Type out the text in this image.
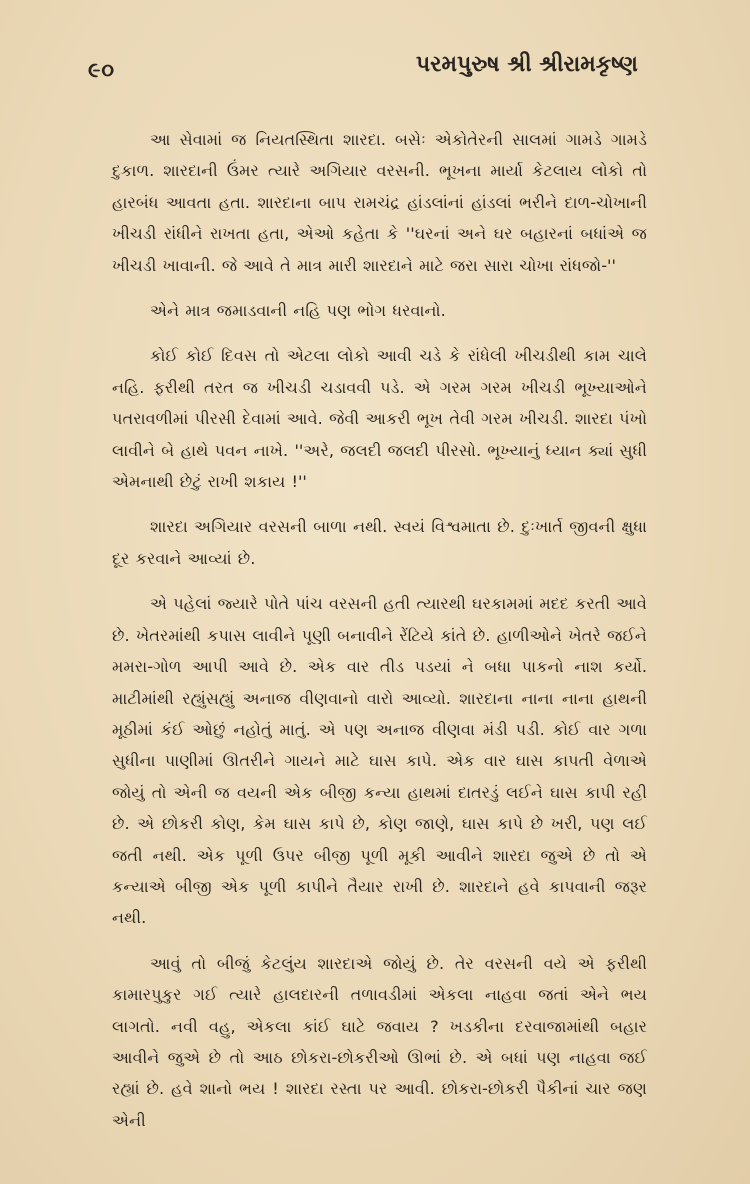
૯૦	પરમપુરુષ શ્રી શ્રીરામકૃષ્ણ

આ સેવામાં જ નિયતસ્થિતા શારદા. બસેઃ એકોતેરની સાલમાં ગામડે ગામડે દુકાળ. શારદાની ઉંમર ત્યારે અગિયાર વરસની. ભૂખના માર્યા કેટલાય લોકો તો હારબંધ આવતા હતા. શારદાના બાપ રામચંદ્ર હાંડલાંનાં હાંડલાં ભરીને દાળ-ચોખાની ખીચડી રાંધીને રાખતા હતા, એઓ કહેતા કે ''ઘરનાં અને ઘર બહારનાં બધાંએ જ ખીચડી ખાવાની. જે આવે તે માત્ર મારી શારદાને માટે જરા સારા ચોખા રાંધજો-''

એને માત્ર જમાડવાની નહિ પણ ભોગ ધરવાનો.

કોઈ કોઈ દિવસ તો એટલા લોકો આવી ચડે કે રાંધેલી ખીચડીથી કામ ચાલે નહિ. ફરીથી તરત જ ખીચડી ચડાવવી પડે. એ ગરમ ગરમ ખીચડી ભૂખ્યાઓને પતરાવળીમાં પીરસી દેવામાં આવે. જેવી આકરી ભૂખ તેવી ગરમ ખીચડી. શારદા પંખો લાવીને બે હાથે પવન નાખે. ''અરે, જલદી જલદી પીરસો. ભૂખ્યાનું ધ્યાન ક્યાં સુધી એમનાથી છેટું રાખી શકાય !''

શારદા અગિયાર વરસની બાળા નથી. સ્વયં વિશ્વમાતા છે. દુઃખાર્ત જીવની ક્ષુધા દૂર કરવાને આવ્યાં છે.

એ પહેલાં જ્યારે પોતે પાંચ વરસની હતી ત્યારથી ઘરકામમાં મદદ કરતી આવે છે. ખેતરમાંથી કપાસ લાવીને પૂણી બનાવીને રેંટિયે કાંતે છે. હાળીઓને ખેતરે જઈને મમરા-ગોળ આપી આવે છે. એક વાર તીડ પડયાં ને બધા પાકનો નાશ કર્યો. માટીમાંથી રહ્યુંસહ્યું અનાજ વીણવાનો વારો આવ્યો. શારદાના નાના નાના હાથની મૂઠીમાં કંઈ ઓછું નહોતું માતું. એ પણ અનાજ વીણવા મંડી પડી. કોઈ વાર ગળા સુધીના પાણીમાં ઊતરીને ગાયને માટે ઘાસ કાપે. એક વાર ઘાસ કાપતી વેળાએ જોયું તો એની જ વયની એક બીજી કન્યા હાથમાં દાતરડું લઈને ઘાસ કાપી રહી છે. એ છોકરી કોણ, કેમ ઘાસ કાપે છે, કોણ જાણે, ઘાસ કાપે છે ખરી, પણ લઈ જતી નથી. એક પૂળી ઉપર બીજી પૂળી મૂકી આવીને શારદા જુએ છે તો એ કન્યાએ બીજી એક પૂળી કાપીને તૈયાર રાખી છે. શારદાને હવે કાપવાની જરૂર નથી.

આવું તો બીજું કેટલુંય શારદાએ જોયું છે. તેર વરસની વયે એ ફરીથી કામારપુકુર ગઈ ત્યારે હાલદારની તળાવડીમાં એકલા નાહવા જતાં એને ભય લાગતો. નવી વહુ, એકલા કાંઈ ઘાટે જવાય ? ખડકીના દરવાજામાંથી બહાર આવીને જુએ છે તો આઠ છોકરા-છોકરીઓ ઊભાં છે. એ બધાં પણ નાહવા જઈ રહ્યાં છે. હવે શાનો ભય ! શારદા રસ્તા પર આવી. છોકરા-છોકરી પૈકીનાં ચાર જણ એની
